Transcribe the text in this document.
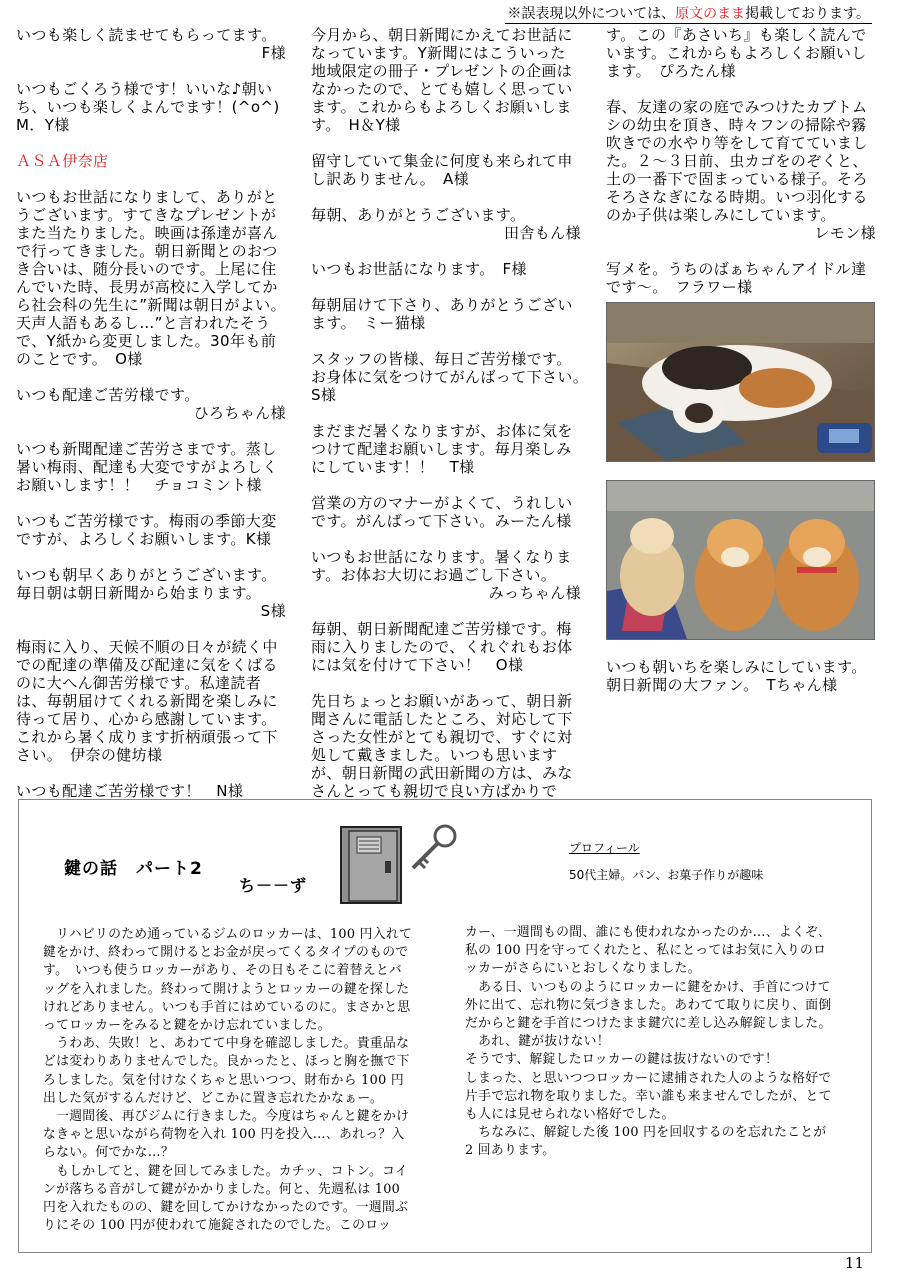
※誤表現以外については、原文のまま掲載しております。

いつも楽しく読ませてもらってます。
F様

いつもごくろう様です！いいな♪朝いち、いつも楽しくよんでます！(^o^)　M．Y様

ＡＳＡ伊奈店

いつもお世話になりまして、ありがとうございます。すてきなプレゼントがまた当たりました。映画は孫達が喜んで行ってきました。朝日新聞とのおつき合いは、随分長いのです。上尾に住んでいた時、長男が高校に入学してから社会科の先生に”新聞は朝日がよい。天声人語もあるし…”と言われたそうで、Y紙から変更しました。30年も前のことです。　O様

いつも配達ご苦労様です。
ひろちゃん様

いつも新聞配達ご苦労さまです。蒸し暑い梅雨、配達も大変ですがよろしくお願いします！！　チョコミント様

いつもご苦労様です。梅雨の季節大変ですが、よろしくお願いします。K様

いつも朝早くありがとうございます。毎日朝は朝日新聞から始まります。
S様

梅雨に入り、天候不順の日々が続く中での配達の準備及び配達に気をくばるのに大へん御苦労様です。私達読者は、毎朝届けてくれる新聞を楽しみに待って居り、心から感謝しています。これから暑く成ります折柄頑張って下さい。　伊奈の健坊様

いつも配達ご苦労様です！　N様

今月から、朝日新聞にかえてお世話になっています。Y新聞にはこういった地域限定の冊子・プレゼントの企画はなかったので、とても嬉しく思っています。これからもよろしくお願いします。　H＆Y様

留守していて集金に何度も来られて申し訳ありません。　A様

毎朝、ありがとうございます。
田舎もん様

いつもお世話になります。　F様

毎朝届けて下さり、ありがとうございます。　ミー猫様

スタッフの皆様、毎日ご苦労様です。お身体に気をつけてがんばって下さい。　S様

まだまだ暑くなりますが、お体に気をつけて配達お願いします。毎月楽しみにしています！！　T様

営業の方のマナーがよくて、うれしいです。がんばって下さい。みーたん様

いつもお世話になります。暑くなります。お体お大切にお過ごし下さい。
みっちゃん様

毎朝、朝日新聞配達ご苦労様です。梅雨に入りましたので、くれぐれもお体には気を付けて下さい！　O様

先日ちょっとお願いがあって、朝日新聞さんに電話したところ、対応して下さった女性がとても親切で、すぐに対処して戴きました。いつも思いますが、朝日新聞の武田新聞の方は、みなさんとっても親切で良い方ばかりで

す。この『あさいち』も楽しく読んでいます。これからもよろしくお願いします。　ぴろたん様

春、友達の家の庭でみつけたカブトムシの幼虫を頂き、時々フンの掃除や霧吹きでの水やり等をして育てていました。２～３日前、虫カゴをのぞくと、土の一番下で固まっている様子。そろそろさなぎになる時期。いつ羽化するのか子供は楽しみにしています。
レモン様

写メを。うちのばぁちゃんアイドル達です～。　フラワー様

いつも朝いちを楽しみにしています。朝日新聞の大ファン。　Tちゃん様

鍵の話　パート2
ち－－ず
プロフィール
50代主婦。パン、お菓子作りが趣味

　リハビリのため通っているジムのロッカーは、100 円入れて鍵をかけ、終わって開けるとお金が戻ってくるタイプのものです。　いつも使うロッカーがあり、その日もそこに着替えとバッグを入れました。終わって開けようとロッカーの鍵を探したけれどありません。いつも手首にはめているのに。まさかと思ってロッカーをみると鍵をかけ忘れていました。

　うわあ、失敗！と、あわてて中身を確認しました。貴重品などは変わりありませんでした。良かったと、ほっと胸を撫で下ろしました。気を付けなくちゃと思いつつ、財布から 100 円出した気がするんだけど、どこかに置き忘れたかなぁー。

　一週間後、再びジムに行きました。今度はちゃんと鍵をかけなきゃと思いながら荷物を入れ 100 円を投入…、あれっ？入らない。何でかな…？

　もしかしてと、鍵を回してみました。カチッ、コトン。コインが落ちる音がして鍵がかかりました。何と、先週私は 100 円を入れたものの、鍵を回してかけなかったのです。一週間ぶりにその 100 円が使われて施錠されたのでした。このロッ

カー、一週間もの間、誰にも使われなかったのか…、よくぞ、私の 100 円を守ってくれたと、私にとってはお気に入りのロッカーがさらにいとおしくなりました。

　ある日、いつものようにロッカーに鍵をかけ、手首につけて外に出て、忘れ物に気づきました。あわてて取りに戻り、面倒だからと鍵を手首につけたまま鍵穴に差し込み解錠しました。

　あれ、鍵が抜けない！

そうです、解錠したロッカーの鍵は抜けないのです！

しまった、と思いつつロッカーに逮捕された人のような格好で片手で忘れ物を取りました。幸い誰も来ませんでしたが、とても人には見せられない格好でした。

　ちなみに、解錠した後 100 円を回収するのを忘れたことが 2 回あります。

11
